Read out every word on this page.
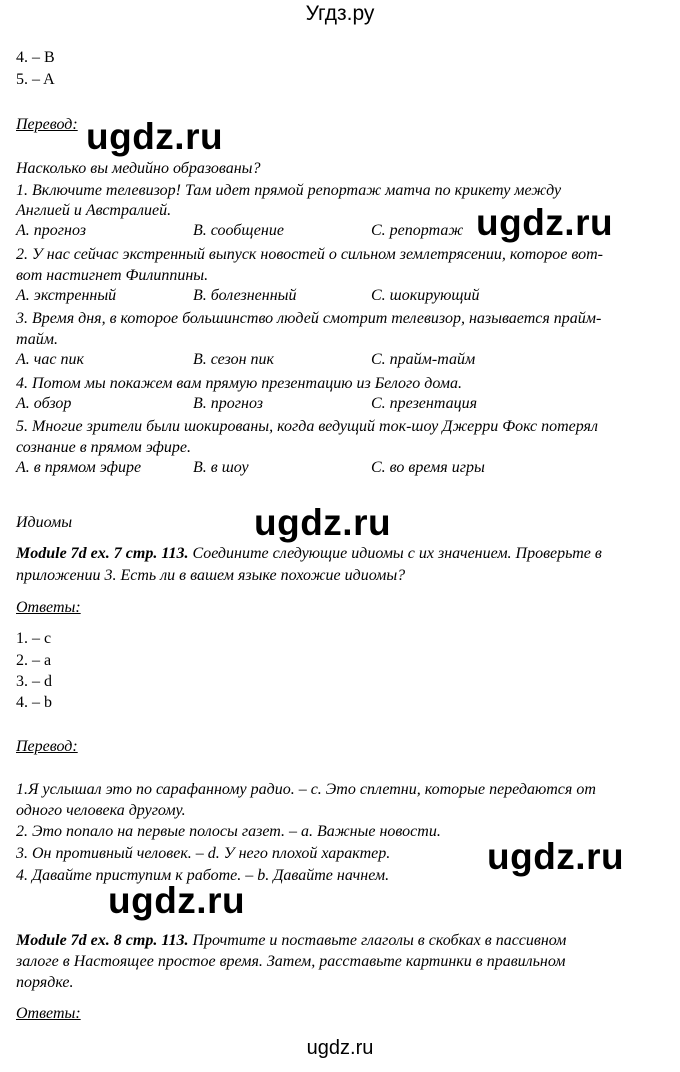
Угдз.ру
4. – B
5. – A
Перевод:
Насколько вы медийно образованы?
1. Включите телевизор! Там идет прямой репортаж матча по крикету между
Англией и Австралией.
A. прогноз	B. сообщение	C. репортаж
2. У нас сейчас экстренный выпуск новостей о сильном землетрясении, которое вот-
вот настигнет Филиппины.
A. экстренный	B. болезненный	C. шокирующий
3. Время дня, в которое большинство людей смотрит телевизор, называется прайм-
тайм.
A. час пик	B. сезон пик	C. прайм-тайм
4. Потом мы покажем вам прямую презентацию из Белого дома.
A. обзор	B. прогноз	C. презентация
5. Многие зрители были шокированы, когда ведущий ток-шоу Джерри Фокс потерял
сознание в прямом эфире.
A. в прямом эфире	B. в шоу	C. во время игры
Идиомы
Module 7d ex. 7 стр. 113. Соедините следующие идиомы с их значением. Проверьте в
приложении 3. Есть ли в вашем языке похожие идиомы?
Ответы:
1. – c
2. – a
3. – d
4. – b
Перевод:
1.Я услышал это по сарафанному радио. – c. Это сплетни, которые передаются от
одного человека другому.
2. Это попало на первые полосы газет. – a. Важные новости.
3. Он противный человек. – d. У него плохой характер.
4. Давайте приступим к работе. – b. Давайте начнем.
Module 7d ex. 8 стр. 113. Прочтите и поставьте глаголы в скобках в пассивном
залоге в Настоящее простое время. Затем, расставьте картинки в правильном
порядке.
Ответы:
ugdz.ru
ugdz.ru
ugdz.ru
ugdz.ru
ugdz.ru
ugdz.ru
